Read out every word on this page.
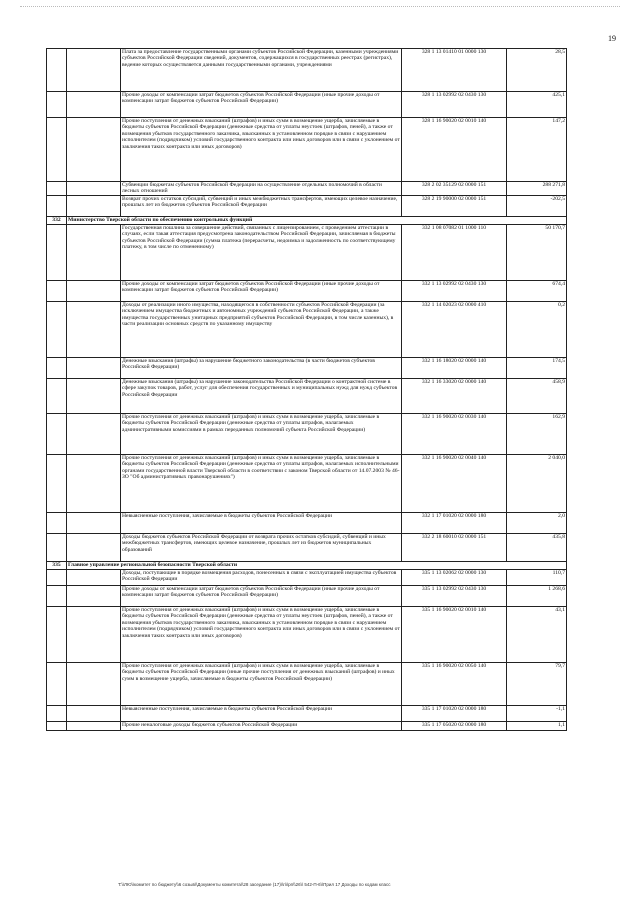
19
		Плата за предоставление государственными органами субъектов Российской Федерации, казенными учреждениями субъектов Российской Федерации сведений, документов, содержащихся в государственных реестрах (регистрах), ведение которых осуществляется данными государственными органами, учреждениями	328 1 13 01410 01 0000 130	28,5
		Прочие доходы от компенсации затрат бюджетов субъектов Российской Федерации (иные прочие доходы от компенсации затрат бюджетов субъектов Российской Федерации)	328 1 13 02992 02 0430 130	425,1
		Прочие поступления от денежных взысканий (штрафов) и иных сумм в возмещение ущерба, зачисляемые в бюджеты субъектов Российской Федерации (денежные средства от уплаты неустоек (штрафов, пеней), а также от возмещения убытков государственного заказчика, взысканных в установленном порядке в связи с нарушением исполнителем (подрядчиком) условий государственного контракта или иных договоров или в связи с уклонением от заключения таких контракта или иных договоров)	328 1 16 90020 02 0010 140	147,2
		Субвенции бюджетам субъектов Российской Федерации на осуществление отдельных полномочий в области лесных отношений	328 2 02 35129 02 0000 151	288 271,8
		Возврат прочих остатков субсидий, субвенций и иных межбюджетных трансфертов, имеющих целевое назначение, прошлых лет из бюджетов субъектов Российской Федерации	328 2 19 90000 02 0000 151	-202,5
332	Министерство Тверской области по обеспечению контрольных функций			
		Государственная пошлина за совершение действий, связанных с лицензированием, с проведением аттестации в случаях, если такая аттестация предусмотрена законодательством Российской Федерации, зачисляемая в бюджеты субъектов Российской Федерации (сумма платежа (перерасчеты, недоимка и задолженность по соответствующему платежу, в том числе по отмененному)	332 1 08 07082 01 1000 110	50 170,7
		Прочие доходы от компенсации затрат бюджетов субъектов Российской Федерации (иные прочие доходы от компенсации затрат бюджетов субъектов Российской Федерации)	332 1 13 02992 02 0430 130	674,4
		Доходы от реализации иного имущества, находящегося в собственности субъектов Российской Федерации (за исключением имущества бюджетных и автономных учреждений субъектов Российской Федерации, а также имущества государственных унитарных предприятий субъектов Российской Федерации, в том числе казенных), в части реализации основных средств по указанному имуществу	332 1 14 02023 02 0000 410	0,2
		Денежные взыскания (штрафы) за нарушение бюджетного законодательства (в части бюджетов субъектов Российской Федерации)	332 1 16 18020 02 0000 140	174,5
		Денежные взыскания (штрафы) за нарушение законодательства Российской Федерации о контрактной системе в сфере закупок товаров, работ, услуг для обеспечения государственных и муниципальных нужд для нужд субъектов Российской Федерации	332 1 16 33020 02 0000 140	458,9
		Прочие поступления от денежных взысканий (штрафов) и иных сумм в возмещение ущерба, зачисляемые в бюджеты субъектов Российской Федерации (денежные средства от уплаты штрафов, налагаемых административными комиссиями в рамках переданных полномочий субъекта Российской Федерации)	332 1 16 90020 02 0030 140	162,9
		Прочие поступления от денежных взысканий (штрафов) и иных сумм в возмещение ущерба, зачисляемые в бюджеты субъектов Российской Федерации (денежные средства от уплаты штрафов, налагаемых исполнительными органами государственной власти Тверской области в соответствии с законом Тверской области от 14.07.2003 № 46-ЗО "Об административных правонарушениях")	332 1 16 90020 02 0040 140	2 040,0
		Невыясненные поступления, зачисляемые в бюджеты субъектов Российской Федерации	332 1 17 01020 02 0000 180	2,0
		Доходы бюджетов субъектов Российской Федерации от возврата прочих остатков субсидий, субвенций и иных межбюджетных трансфертов, имеющих целевое назначение, прошлых лет из бюджетов муниципальных образований	332 2 18 60010 02 0000 151	435,8
335	Главное управление региональной безопасности Тверской области			
		Доходы, поступающие в порядке возмещения расходов, понесенных в связи с эксплуатацией имущества субъектов Российской Федерации	335 1 13 02062 02 0000 130	110,7
		Прочие доходы от компенсации затрат бюджетов субъектов Российской Федерации (иные прочие доходы от компенсации затрат бюджетов субъектов Российской Федерации)	335 1 13 02992 02 0430 130	1 268,6
		Прочие поступления от денежных взысканий (штрафов) и иных сумм в возмещение ущерба, зачисляемые в бюджеты субъектов Российской Федерации (денежные средства от уплаты неустоек (штрафов, пеней), а также от возмещения убытков государственного заказчика, взысканных в установленном порядке в связи с нарушением исполнителем (подрядчиком) условий государственного контракта или иных договоров или в связи с уклонением от заключения таких контракта или иных договоров)	335 1 16 90020 02 0010 140	43,1
		Прочие поступления от денежных взысканий (штрафов) и иных сумм в возмещение ущерба, зачисляемые в бюджеты субъектов Российской Федерации (иные прочие поступления от денежных взысканий (штрафов) и иных сумм в возмещение ущерба, зачисляемые в бюджеты субъектов Российской Федерации)	335 1 16 90020 02 0050 140	79,7
		Невыясненные поступления, зачисляемые в бюджеты субъектов Российской Федерации	335 1 17 01020 02 0000 180	-1,1
		Прочие неналоговые доходы бюджетов субъектов Российской Федерации	335 1 17 05020 02 0000 180	1,1
T:\\ЛЮ\\комитет по бюджету\\6 созыв\\Документы комитета\\28 заседание (17)\\п\\рп\\26\\ 542-П-6\\Прил 17 Доходы по кодам класс
